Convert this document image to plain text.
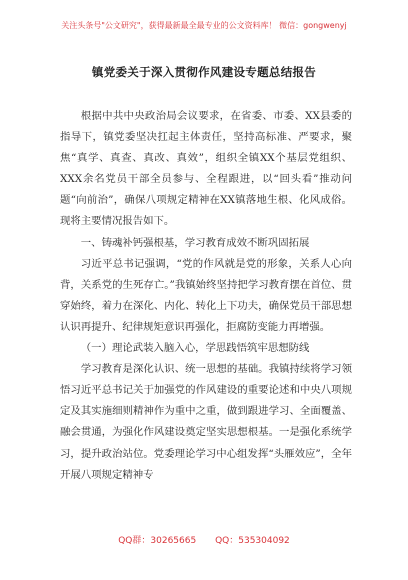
关注头条号"公文研究"，获得最新最全最专业的公文资料库！ 微信：gongwenyj
镇党委关于深入贯彻作风建设专题总结报告

根据中共中央政治局会议要求，在省委、市委、XX县委的指导下，镇党委坚决扛起主体责任，坚持高标准、严要求，聚焦“真学、真查、真改、真效”，组织全镇XX个基层党组织、XXX余名党员干部全员参与、全程跟进，以“回头看”推动问题“向前治”，确保八项规定精神在XX镇落地生根、化风成俗。现将主要情况报告如下。

一、铸魂补钙强根基，学习教育成效不断巩固拓展

习近平总书记强调，“党的作风就是党的形象，关系人心向背，关系党的生死存亡。”我镇始终坚持把学习教育摆在首位、贯穿始终，着力在深化、内化、转化上下功夫，确保党员干部思想认识再提升、纪律规矩意识再强化，拒腐防变能力再增强。

（一）理论武装入脑入心，学思践悟筑牢思想防线

学习教育是深化认识、统一思想的基础。我镇持续将学习领悟习近平总书记关于加强党的作风建设的重要论述和中央八项规定及其实施细则精神作为重中之重，做到跟进学习、全面覆盖、融会贯通，为强化作风建设奠定坚实思想根基。一是强化系统学习，提升政治站位。党委理论学习中心组发挥“头雁效应”，全年开展八项规定精神专

QQ群：30265665 QQ：535304092
